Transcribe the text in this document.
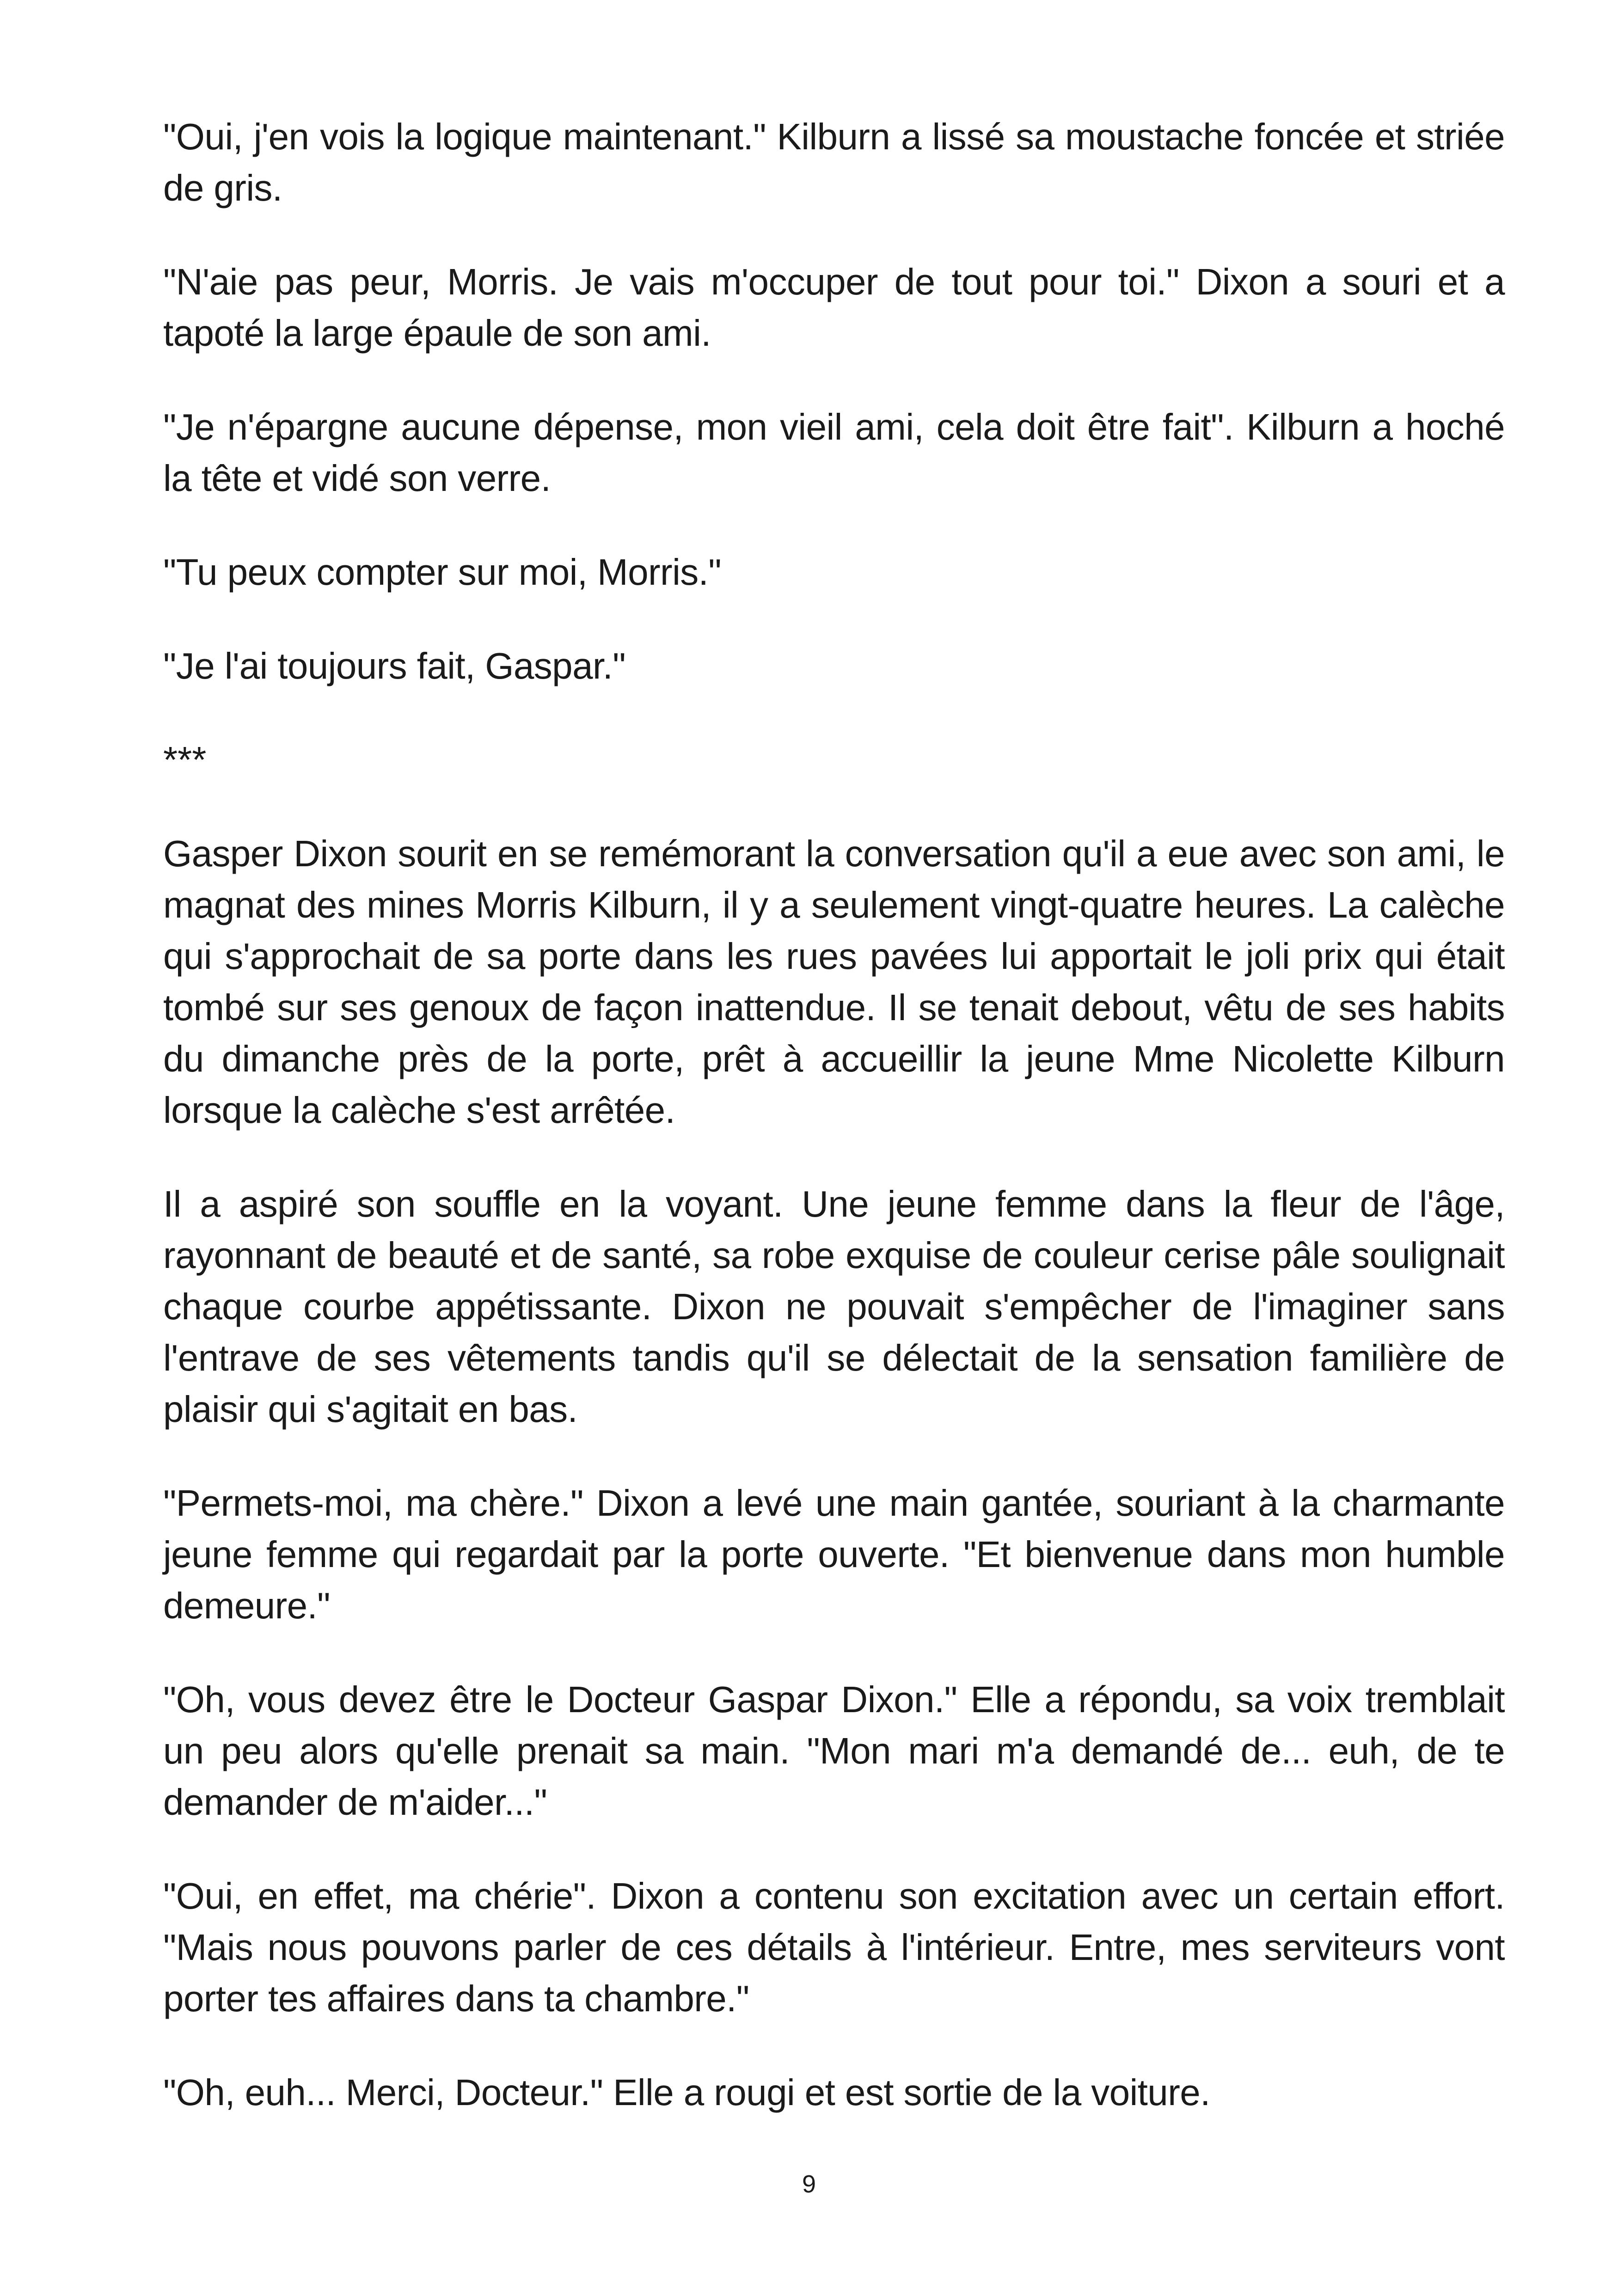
"Oui, j'en vois la logique maintenant." Kilburn a lissé sa moustache foncée et striée de gris.

"N'aie pas peur, Morris. Je vais m'occuper de tout pour toi." Dixon a souri et a tapoté la large épaule de son ami.

"Je n'épargne aucune dépense, mon vieil ami, cela doit être fait". Kilburn a hoché la tête et vidé son verre.

"Tu peux compter sur moi, Morris."

"Je l'ai toujours fait, Gaspar."

***

Gasper Dixon sourit en se remémorant la conversation qu'il a eue avec son ami, le magnat des mines Morris Kilburn, il y a seulement vingt-quatre heures. La calèche qui s'approchait de sa porte dans les rues pavées lui apportait le joli prix qui était tombé sur ses genoux de façon inattendue. Il se tenait debout, vêtu de ses habits du dimanche près de la porte, prêt à accueillir la jeune Mme Nicolette Kilburn lorsque la calèche s'est arrêtée.

Il a aspiré son souffle en la voyant. Une jeune femme dans la fleur de l'âge, rayonnant de beauté et de santé, sa robe exquise de couleur cerise pâle soulignait chaque courbe appétissante. Dixon ne pouvait s'empêcher de l'imaginer sans l'entrave de ses vêtements tandis qu'il se délectait de la sensation familière de plaisir qui s'agitait en bas.

"Permets-moi, ma chère." Dixon a levé une main gantée, souriant à la charmante jeune femme qui regardait par la porte ouverte. "Et bienvenue dans mon humble demeure."

"Oh, vous devez être le Docteur Gaspar Dixon." Elle a répondu, sa voix tremblait un peu alors qu'elle prenait sa main. "Mon mari m'a demandé de... euh, de te demander de m'aider..."

"Oui, en effet, ma chérie". Dixon a contenu son excitation avec un certain effort. "Mais nous pouvons parler de ces détails à l'intérieur. Entre, mes serviteurs vont porter tes affaires dans ta chambre."

"Oh, euh... Merci, Docteur." Elle a rougi et est sortie de la voiture.

9
